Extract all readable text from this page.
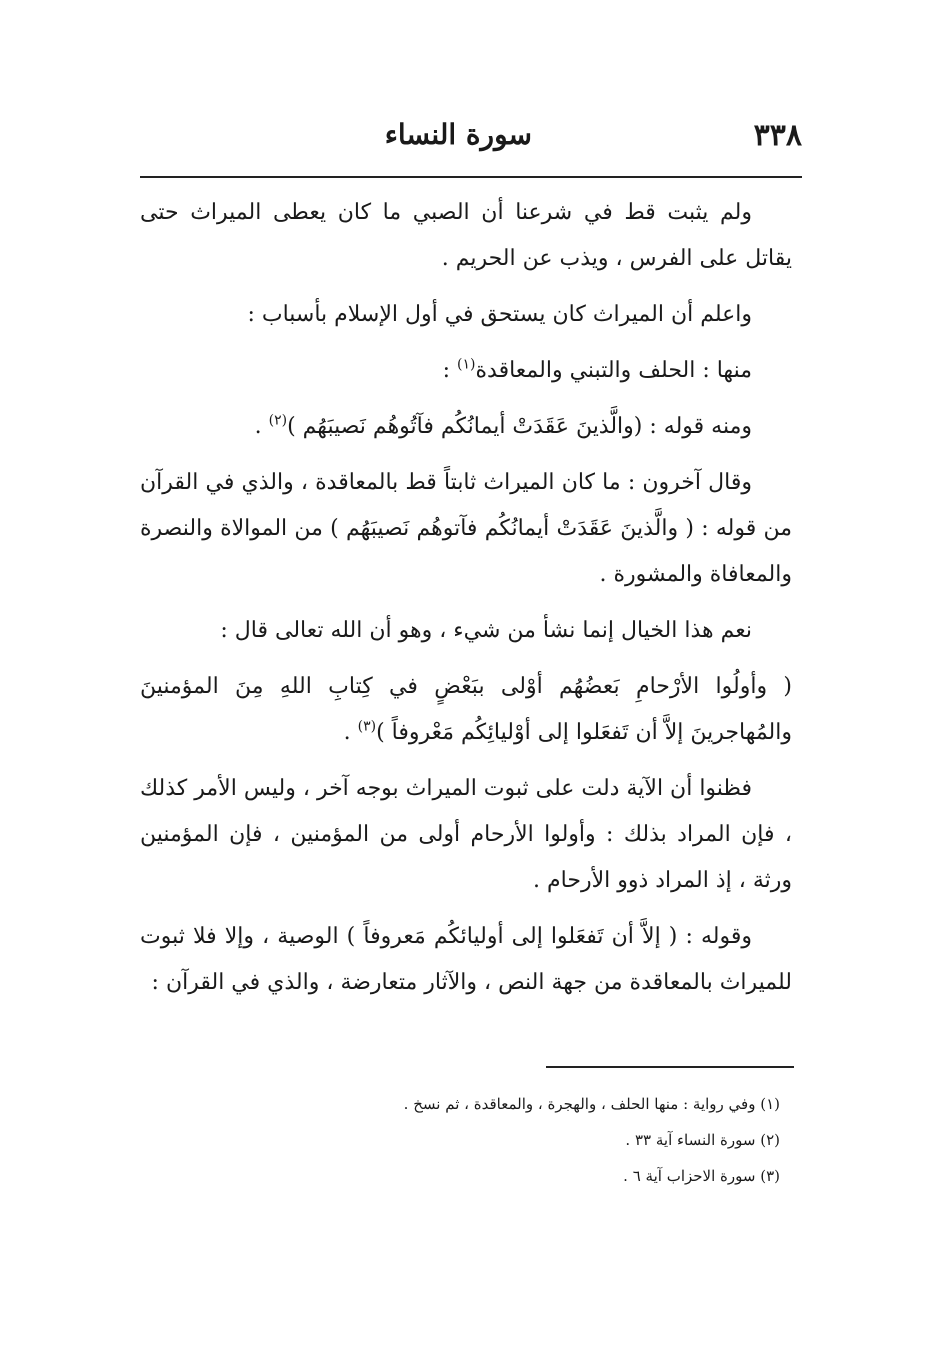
٣٣٨
سورة النساء

ولم يثبت قط في شرعنا أن الصبي ما كان يعطى الميراث حتى يقاتل على الفرس ، ويذب عن الحريم .

واعلم أن الميراث كان يستحق في أول الإسلام بأسباب :

منها : الحلف والتبني والمعاقدة$^{(١)}$ :

ومنه قوله : (والَّذينَ عَقَدَتْ أيمانُكُم فآتُوهُم نَصيبَهُم )$^{(٢)}$ .

وقال آخرون : ما كان الميراث ثابتاً قط بالمعاقدة ، والذي في القرآن من قوله : ( والَّذينَ عَقَدَتْ أيمانُكُم فآتوهُم نَصيبَهُم ) من الموالاة والنصرة والمعافاة والمشورة .

نعم هذا الخيال إنما نشأ من شيء ، وهو أن الله تعالى قال :

( وأولُوا الأرْحامِ بَعضُهُم أوْلى ببَعْضٍ في كِتابِ اللهِ مِنَ المؤمنينَ والمُهاجرينَ إلاَّ أن تَفعَلوا إلى أوْليائِكُم مَعْروفاً )$^{(٣)}$ .

فظنوا أن الآية دلت على ثبوت الميراث بوجه آخر ، وليس الأمر كذلك ، فإن المراد بذلك : وأولوا الأرحام أولى من المؤمنين ، فإن المؤمنين ورثة ، إذ المراد ذوو الأرحام .

وقوله : ( إلاَّ أن تَفعَلوا إلى أوليائكُم مَعروفاً ) الوصية ، وإلا فلا ثبوت للميراث بالمعاقدة من جهة النص ، والآثار متعارضة ، والذي في القرآن :

(١) وفي رواية : منها الحلف ، والهجرة ، والمعاقدة ، ثم نسخ .

(٢) سورة النساء آية ٣٣ .

(٣) سورة الاحزاب آية ٦ .
